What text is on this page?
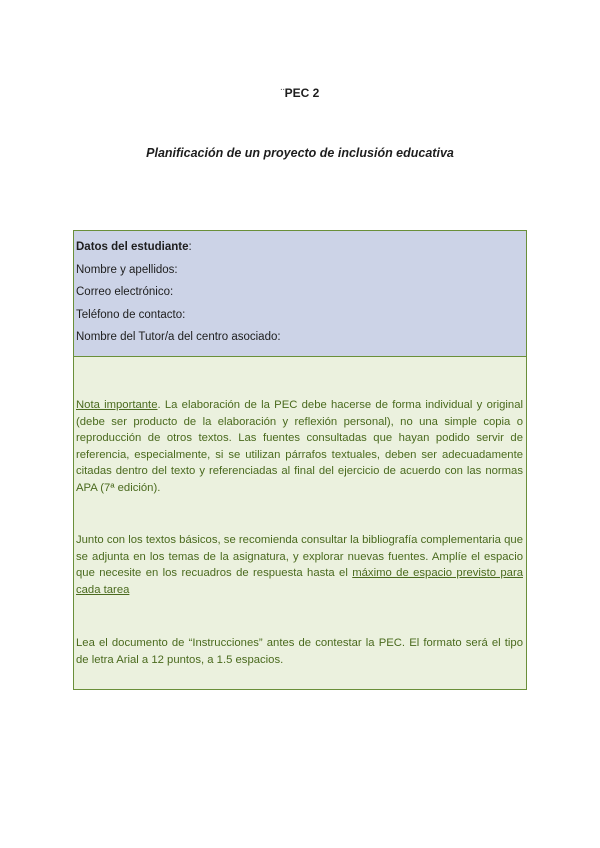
¨PEC 2
Planificación de un proyecto de inclusión educativa
Datos del estudiante:
Nombre y apellidos:
Correo electrónico:
Teléfono de contacto:
Nombre del Tutor/a del centro asociado:
Nota importante. La elaboración de la PEC debe hacerse de forma individual y original (debe ser producto de la elaboración y reflexión personal), no una simple copia o reproducción de otros textos. Las fuentes consultadas que hayan podido servir de referencia, especialmente, si se utilizan párrafos textuales, deben ser adecuadamente citadas dentro del texto y referenciadas al final del ejercicio de acuerdo con las normas APA (7ª edición).
Junto con los textos básicos, se recomienda consultar la bibliografía complementaria que se adjunta en los temas de la asignatura, y explorar nuevas fuentes. Amplíe el espacio que necesite en los recuadros de respuesta hasta el máximo de espacio previsto para cada tarea
Lea el documento de “Instrucciones” antes de contestar la PEC. El formato será el tipo de letra Arial a 12 puntos, a 1.5 espacios.
